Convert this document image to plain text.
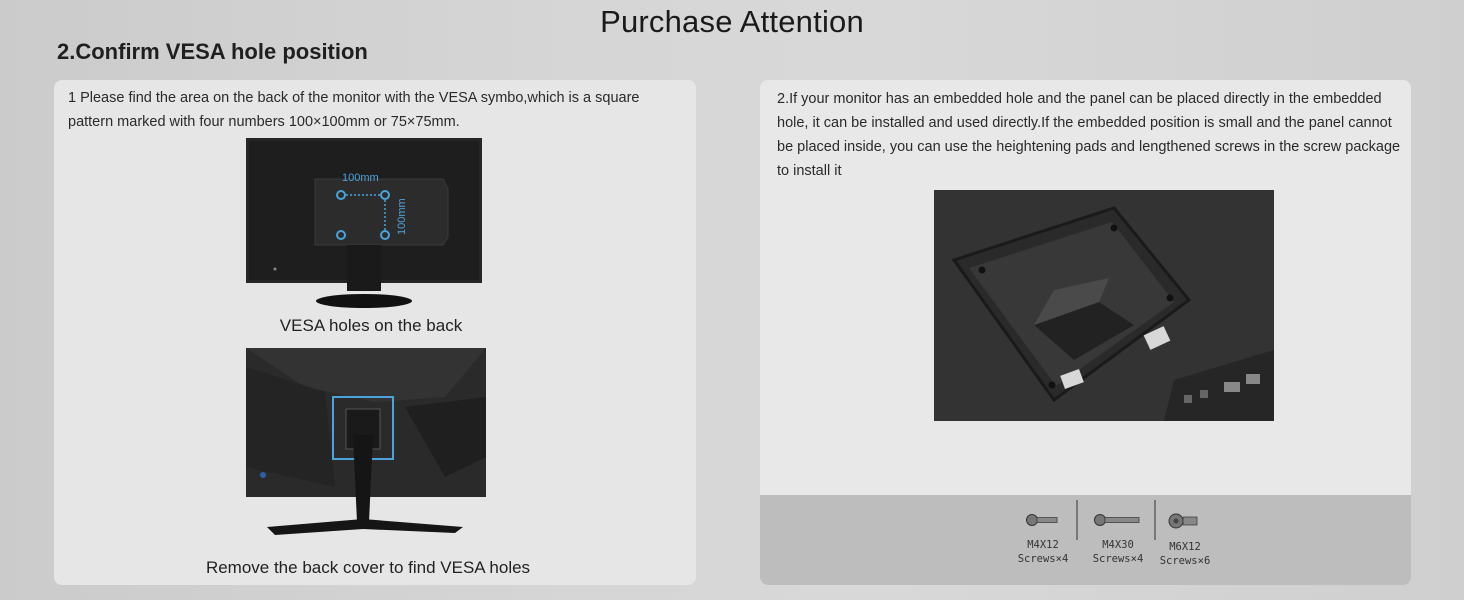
Purchase Attention
2.Confirm VESA hole position
1 Please find the area on the back of the monitor with the VESA symbo,which is a square pattern marked with four numbers 100×100mm or 75×75mm.
100mm
100mm
VESA holes on the back
Remove the back cover to find VESA holes
2.If your monitor has an embedded hole and the panel can be placed directly in the embedded hole, it can be installed and used directly.If the embedded position is small and the panel cannot be placed inside, you can use the heightening pads and lengthened screws in the screw package to install it
M4X12
Screws×4
M4X30
Screws×4
M6X12
Screws×6
